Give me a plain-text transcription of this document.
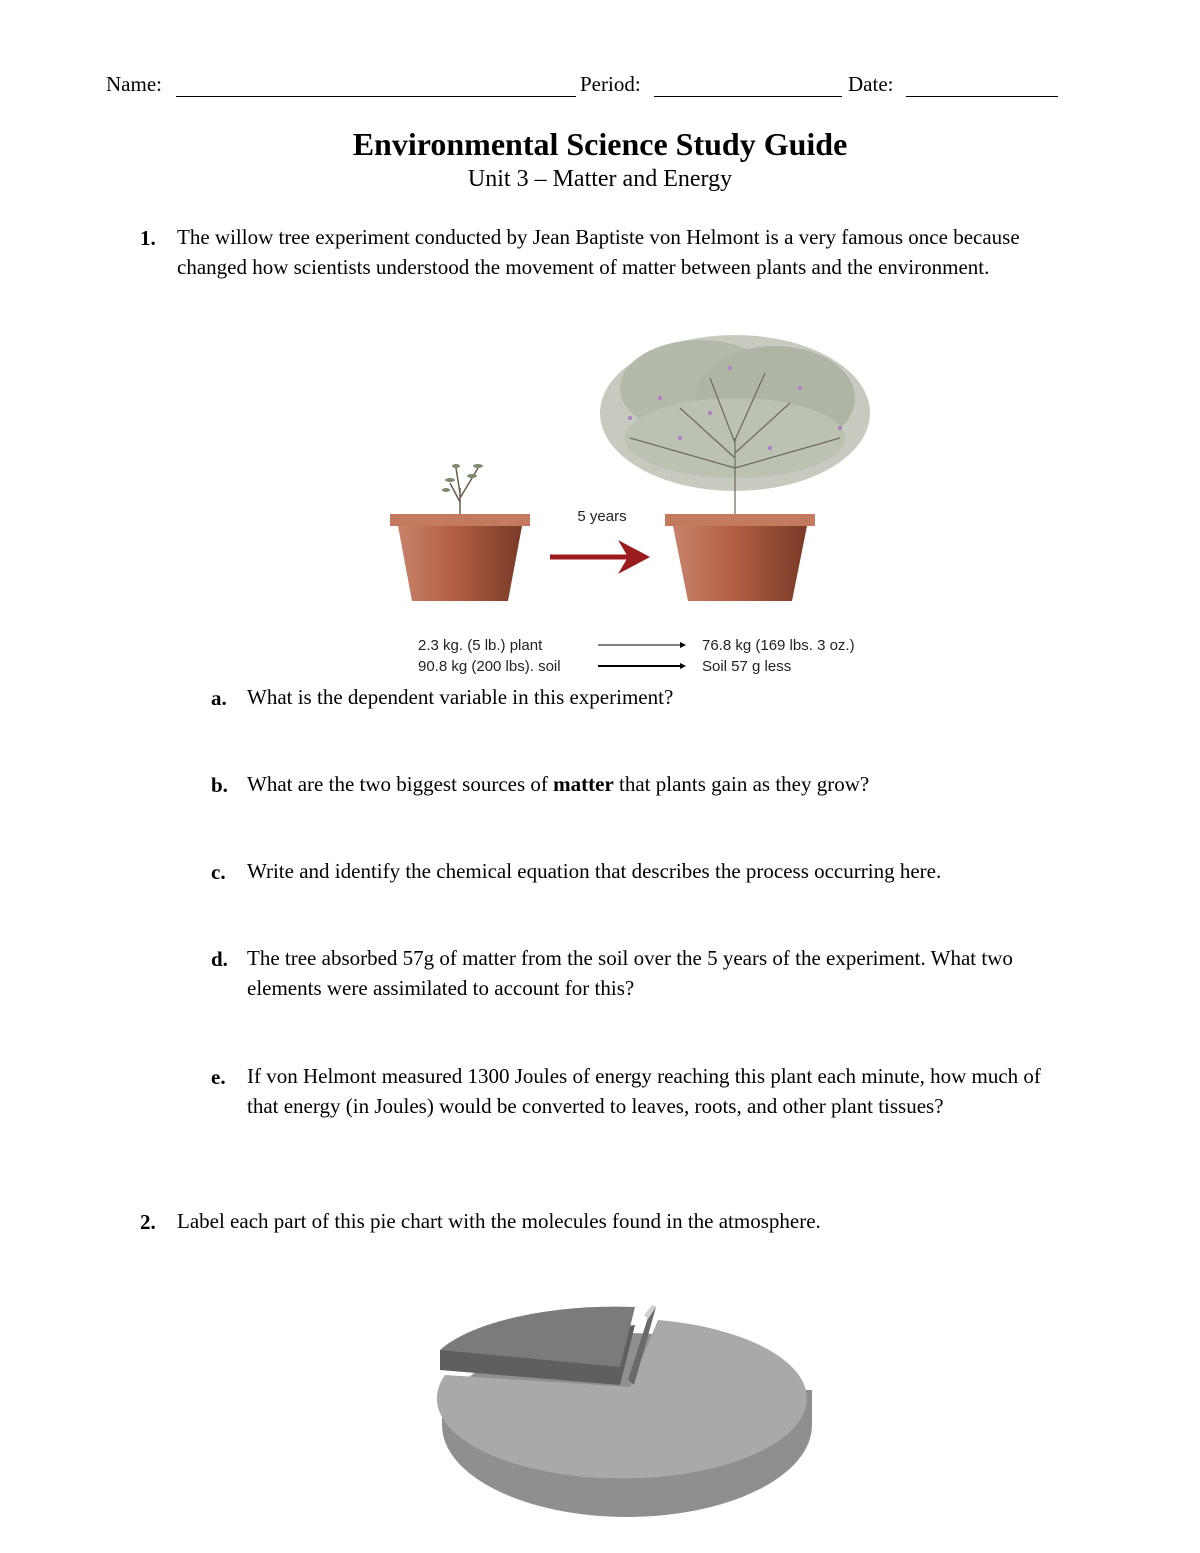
Name:	Period:	Date:
Environmental Science Study Guide
Unit 3 – Matter and Energy
1. The willow tree experiment conducted by Jean Baptiste von Helmont is a very famous once because changed how scientists understood the movement of matter between plants and the environment.
5 years
2.3 kg. (5 lb.) plant
90.8 kg (200 lbs). soil
76.8 kg (169 lbs. 3 oz.)
Soil 57 g less
a. What is the dependent variable in this experiment?
b. What are the two biggest sources of matter that plants gain as they grow?
c. Write and identify the chemical equation that describes the process occurring here.
d. The tree absorbed 57g of matter from the soil over the 5 years of the experiment. What two elements were assimilated to account for this?
e. If von Helmont measured 1300 Joules of energy reaching this plant each minute, how much of that energy (in Joules) would be converted to leaves, roots, and other plant tissues?
2. Label each part of this pie chart with the molecules found in the atmosphere.
